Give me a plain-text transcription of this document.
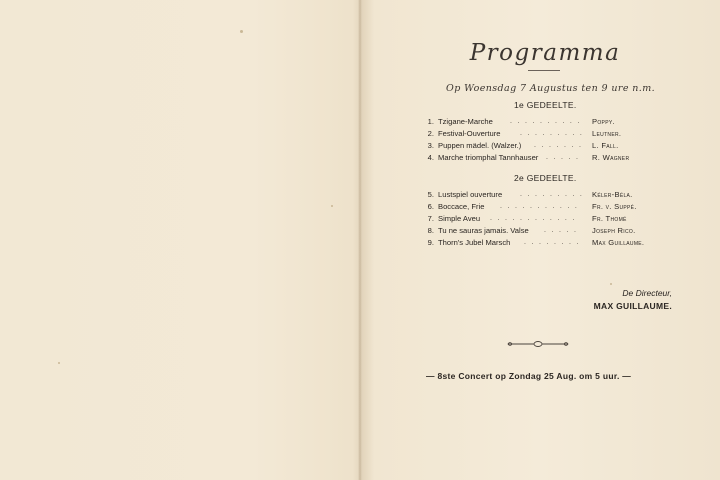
Programma
Op Woensdag 7 Augustus ten 9 ure n.m.
1e GEDEELTE.
1. Tzigane-Marche . . . . . . . . . . Poppy.
2. Festival-Ouverture	. . . . . . . . . Leutner.
3. Puppen mädel. (Walzer.) . . . . . . . L. Fall.
4. Marche triomphal Tannhauser . . . . . R. Wagner
2e GEDEELTE.
5. Lustspiel ouverture	. . . . . . . . . Kéler-Béla.
6. Boccace, Frie . . . . . . . . . . . Fr. v. Suppé.
7. Simple Aveu . . . . . . . . . . . . Fr. Thomé
8. Tu ne sauras jamais. Valse . . . . . Joseph Rico.
9. Thorn's Jubel Marsch . . . . . . . . Max Guillaume.
De Directeur,
MAX GUILLAUME.
— 8ste Concert op Zondag 25 Aug. om 5 uur. —
